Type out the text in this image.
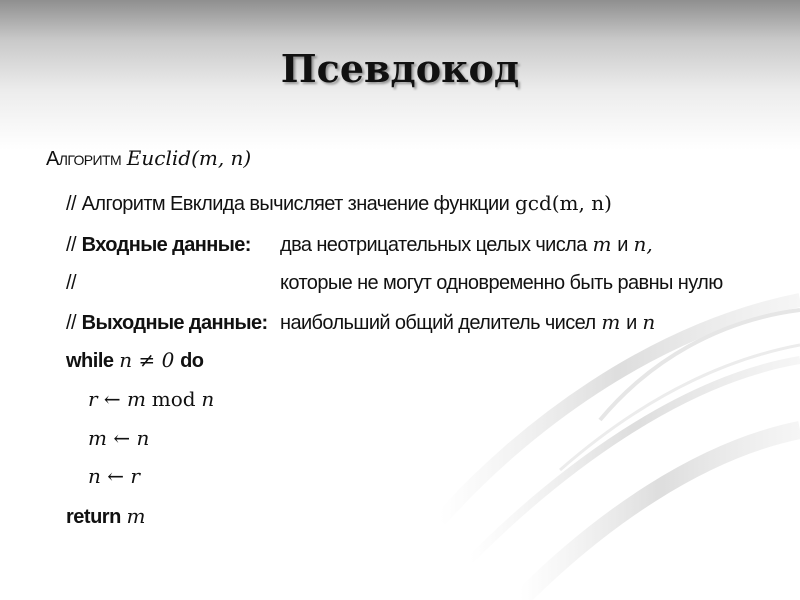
Псевдокод
Алгоритм Euclid(m, n)
// Алгоритм Евклида вычисляет значение функции gcd(m, n)
// Входные данные: два неотрицательных целых числа m и n,
//	которые не могут одновременно быть равны нулю
// Выходные данные: наибольший общий делитель чисел m и n
while n ≠ 0 do
r ← m mod n
m ← n
n ← r
return m
